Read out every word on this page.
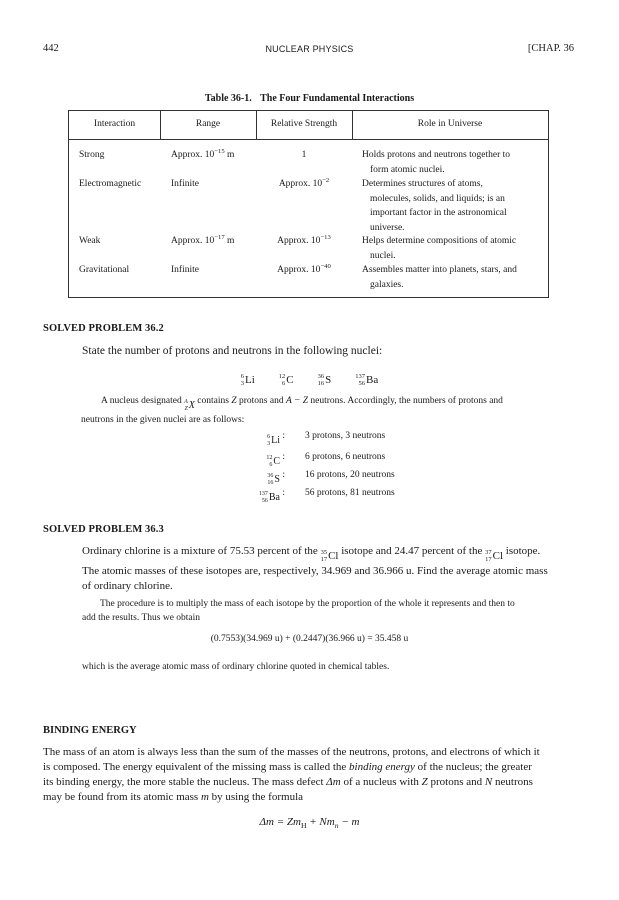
442	NUCLEAR PHYSICS	[CHAP. 36
Table 36-1. The Four Fundamental Interactions
Interaction	Range	Relative Strength	Role in Universe
Strong	Approx. $10^{-15}$ m	1	Holds protons and neutrons together to
form atomic nuclei.
Electromagnetic	Infinite	Approx. $10^{-2}$	Determines structures of atoms,
molecules, solids, and liquids; is an
important factor in the astronomical
universe.
Weak	Approx. $10^{-17}$ m	Approx. $10^{-13}$	Helps determine compositions of atomic
nuclei.
Gravitational	Infinite	Approx. $10^{-40}$	Assembles matter into planets, stars, and
galaxies.
SOLVED PROBLEM 36.2
State the number of protons and neutrons in the following nuclei:
6
3 Li
	12
6 C
	36
16 S
	137
56 Ba
A nucleus designated A
Z X contains Z protons and A − Z neutrons. Accordingly, the numbers of protons and
neutrons in the given nuclei are as follows:
6
3 Li : 3 protons, 3 neutrons
12
6 C : 6 protons, 6 neutrons
36
16 S : 16 protons, 20 neutrons
137
56 Ba : 56 protons, 81 neutrons
SOLVED PROBLEM 36.3
Ordinary chlorine is a mixture of 75.53 percent of the 35
17 Cl isotope and 24.47 percent of the 37
17 Cl isotope.
The atomic masses of these isotopes are, respectively, 34.969 and 36.966 u. Find the average atomic mass
of ordinary chlorine.
The procedure is to multiply the mass of each isotope by the proportion of the whole it represents and then to
add the results. Thus we obtain
(0.7553)(34.969 u) + (0.2447)(36.966 u) = 35.458 u
which is the average atomic mass of ordinary chlorine quoted in chemical tables.
BINDING ENERGY
The mass of an atom is always less than the sum of the masses of the neutrons, protons, and electrons of which it
is composed. The energy equivalent of the missing mass is called the binding energy of the nucleus; the greater
its binding energy, the more stable the nucleus. The mass defect Δm of a nucleus with Z protons and N neutrons
may be found from its atomic mass m by using the formula
$\Delta m = Zm_H + Nm_n - m$
